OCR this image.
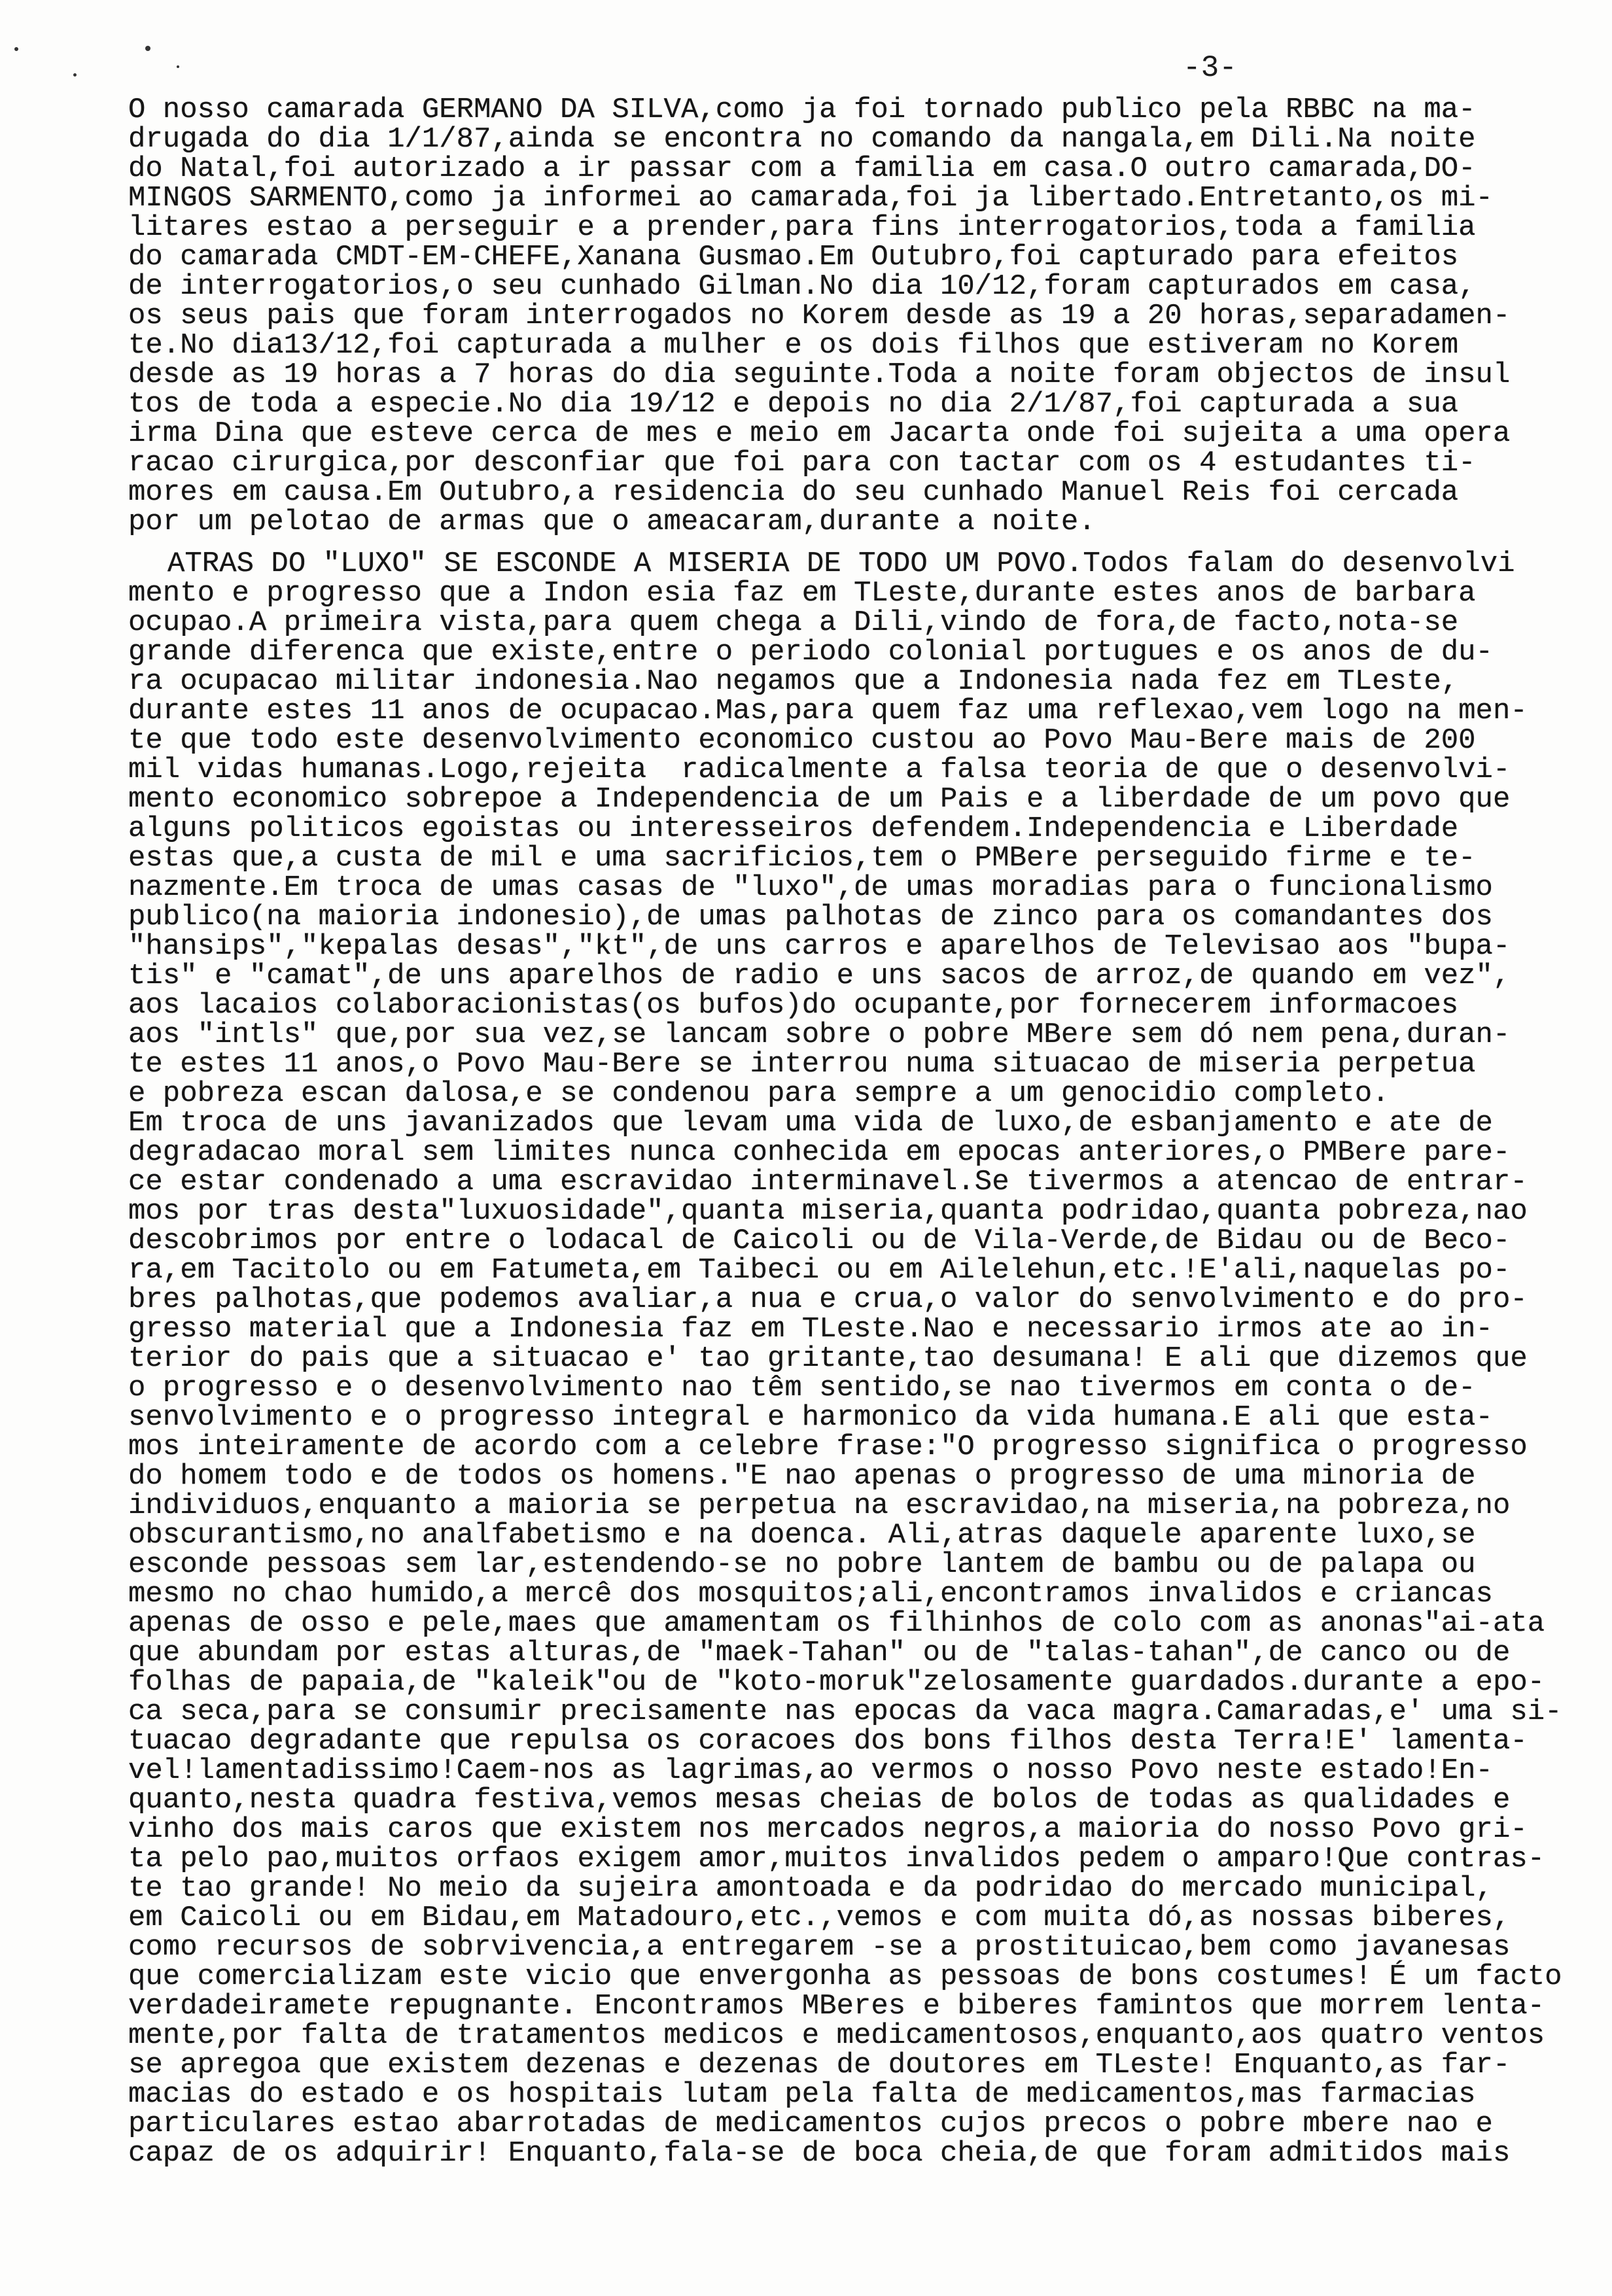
-3-
O nosso camarada GERMANO DA SILVA,como ja foi tornado publico pela RBBC na ma-
drugada do dia 1/1/87,ainda se encontra no comando da nangala,em Dili.Na noite
do Natal,foi autorizado a ir passar com a familia em casa.O outro camarada,DO-
MINGOS SARMENTO,como ja informei ao camarada,foi ja libertado.Entretanto,os mi-
litares estao a perseguir e a prender,para fins interrogatorios,toda a familia
do camarada CMDT-EM-CHEFE,Xanana Gusmao.Em Outubro,foi capturado para efeitos
de interrogatorios,o seu cunhado Gilman.No dia 10/12,foram capturados em casa,
os seus pais que foram interrogados no Korem desde as 19 a 20 horas,separadamen-
te.No dia13/12,foi capturada a mulher e os dois filhos que estiveram no Korem
desde as 19 horas a 7 horas do dia seguinte.Toda a noite foram objectos de insul
tos de toda a especie.No dia 19/12 e depois no dia 2/1/87,foi capturada a sua
irma Dina que esteve cerca de mes e meio em Jacarta onde foi sujeita a uma opera
racao cirurgica,por desconfiar que foi para con tactar com os 4 estudantes ti-
mores em causa.Em Outubro,a residencia do seu cunhado Manuel Reis foi cercada
por um pelotao de armas que o ameacaram,durante a noite.
ATRAS DO "LUXO" SE ESCONDE A MISERIA DE TODO UM POVO.Todos falam do desenvolvi
mento e progresso que a Indon esia faz em TLeste,durante estes anos de barbara
ocupao.A primeira vista,para quem chega a Dili,vindo de fora,de facto,nota-se
grande diferenca que existe,entre o periodo colonial portugues e os anos de du-
ra ocupacao militar indonesia.Nao negamos que a Indonesia nada fez em TLeste,
durante estes 11 anos de ocupacao.Mas,para quem faz uma reflexao,vem logo na men-
te que todo este desenvolvimento economico custou ao Povo Mau-Bere mais de 200
mil vidas humanas.Logo,rejeita  radicalmente a falsa teoria de que o desenvolvi-
mento economico sobrepoe a Independencia de um Pais e a liberdade de um povo que
alguns politicos egoistas ou interesseiros defendem.Independencia e Liberdade
estas que,a custa de mil e uma sacrificios,tem o PMBere perseguido firme e te-
nazmente.Em troca de umas casas de "luxo",de umas moradias para o funcionalismo
publico(na maioria indonesio),de umas palhotas de zinco para os comandantes dos
"hansips","kepalas desas","kt",de uns carros e aparelhos de Televisao aos "bupa-
tis" e "camat",de uns aparelhos de radio e uns sacos de arroz,de quando em vez",
aos lacaios colaboracionistas(os bufos)do ocupante,por fornecerem informacoes
aos "intls" que,por sua vez,se lancam sobre o pobre MBere sem dó nem pena,duran-
te estes 11 anos,o Povo Mau-Bere se interrou numa situacao de miseria perpetua
e pobreza escan dalosa,e se condenou para sempre a um genocidio completo.
Em troca de uns javanizados que levam uma vida de luxo,de esbanjamento e ate de
degradacao moral sem limites nunca conhecida em epocas anteriores,o PMBere pare-
ce estar condenado a uma escravidao interminavel.Se tivermos a atencao de entrar-
mos por tras desta"luxuosidade",quanta miseria,quanta podridao,quanta pobreza,nao
descobrimos por entre o lodacal de Caicoli ou de Vila-Verde,de Bidau ou de Beco-
ra,em Tacitolo ou em Fatumeta,em Taibeci ou em Ailelehun,etc.!E'ali,naquelas po-
bres palhotas,que podemos avaliar,a nua e crua,o valor do senvolvimento e do pro-
gresso material que a Indonesia faz em TLeste.Nao e necessario irmos ate ao in-
terior do pais que a situacao e' tao gritante,tao desumana! E ali que dizemos que
o progresso e o desenvolvimento nao têm sentido,se nao tivermos em conta o de-
senvolvimento e o progresso integral e harmonico da vida humana.E ali que esta-
mos inteiramente de acordo com a celebre frase:"O progresso significa o progresso
do homem todo e de todos os homens."E nao apenas o progresso de uma minoria de
individuos,enquanto a maioria se perpetua na escravidao,na miseria,na pobreza,no
obscurantismo,no analfabetismo e na doenca. Ali,atras daquele aparente luxo,se
esconde pessoas sem lar,estendendo-se no pobre lantem de bambu ou de palapa ou
mesmo no chao humido,a mercê dos mosquitos;ali,encontramos invalidos e criancas
apenas de osso e pele,maes que amamentam os filhinhos de colo com as anonas"ai-ata
que abundam por estas alturas,de "maek-Tahan" ou de "talas-tahan",de canco ou de
folhas de papaia,de "kaleik"ou de "koto-moruk"zelosamente guardados.durante a epo-
ca seca,para se consumir precisamente nas epocas da vaca magra.Camaradas,e' uma si-
tuacao degradante que repulsa os coracoes dos bons filhos desta Terra!E' lamenta-
vel!lamentadissimo!Caem-nos as lagrimas,ao vermos o nosso Povo neste estado!En-
quanto,nesta quadra festiva,vemos mesas cheias de bolos de todas as qualidades e
vinho dos mais caros que existem nos mercados negros,a maioria do nosso Povo gri-
ta pelo pao,muitos orfaos exigem amor,muitos invalidos pedem o amparo!Que contras-
te tao grande! No meio da sujeira amontoada e da podridao do mercado municipal,
em Caicoli ou em Bidau,em Matadouro,etc.,vemos e com muita dó,as nossas biberes,
como recursos de sobrvivencia,a entregarem -se a prostituicao,bem como javanesas
que comercializam este vicio que envergonha as pessoas de bons costumes! É um facto
verdadeiramete repugnante. Encontramos MBeres e biberes famintos que morrem lenta-
mente,por falta de tratamentos medicos e medicamentosos,enquanto,aos quatro ventos
se apregoa que existem dezenas e dezenas de doutores em TLeste! Enquanto,as far-
macias do estado e os hospitais lutam pela falta de medicamentos,mas farmacias
particulares estao abarrotadas de medicamentos cujos precos o pobre mbere nao e
capaz de os adquirir! Enquanto,fala-se de boca cheia,de que foram admitidos mais
